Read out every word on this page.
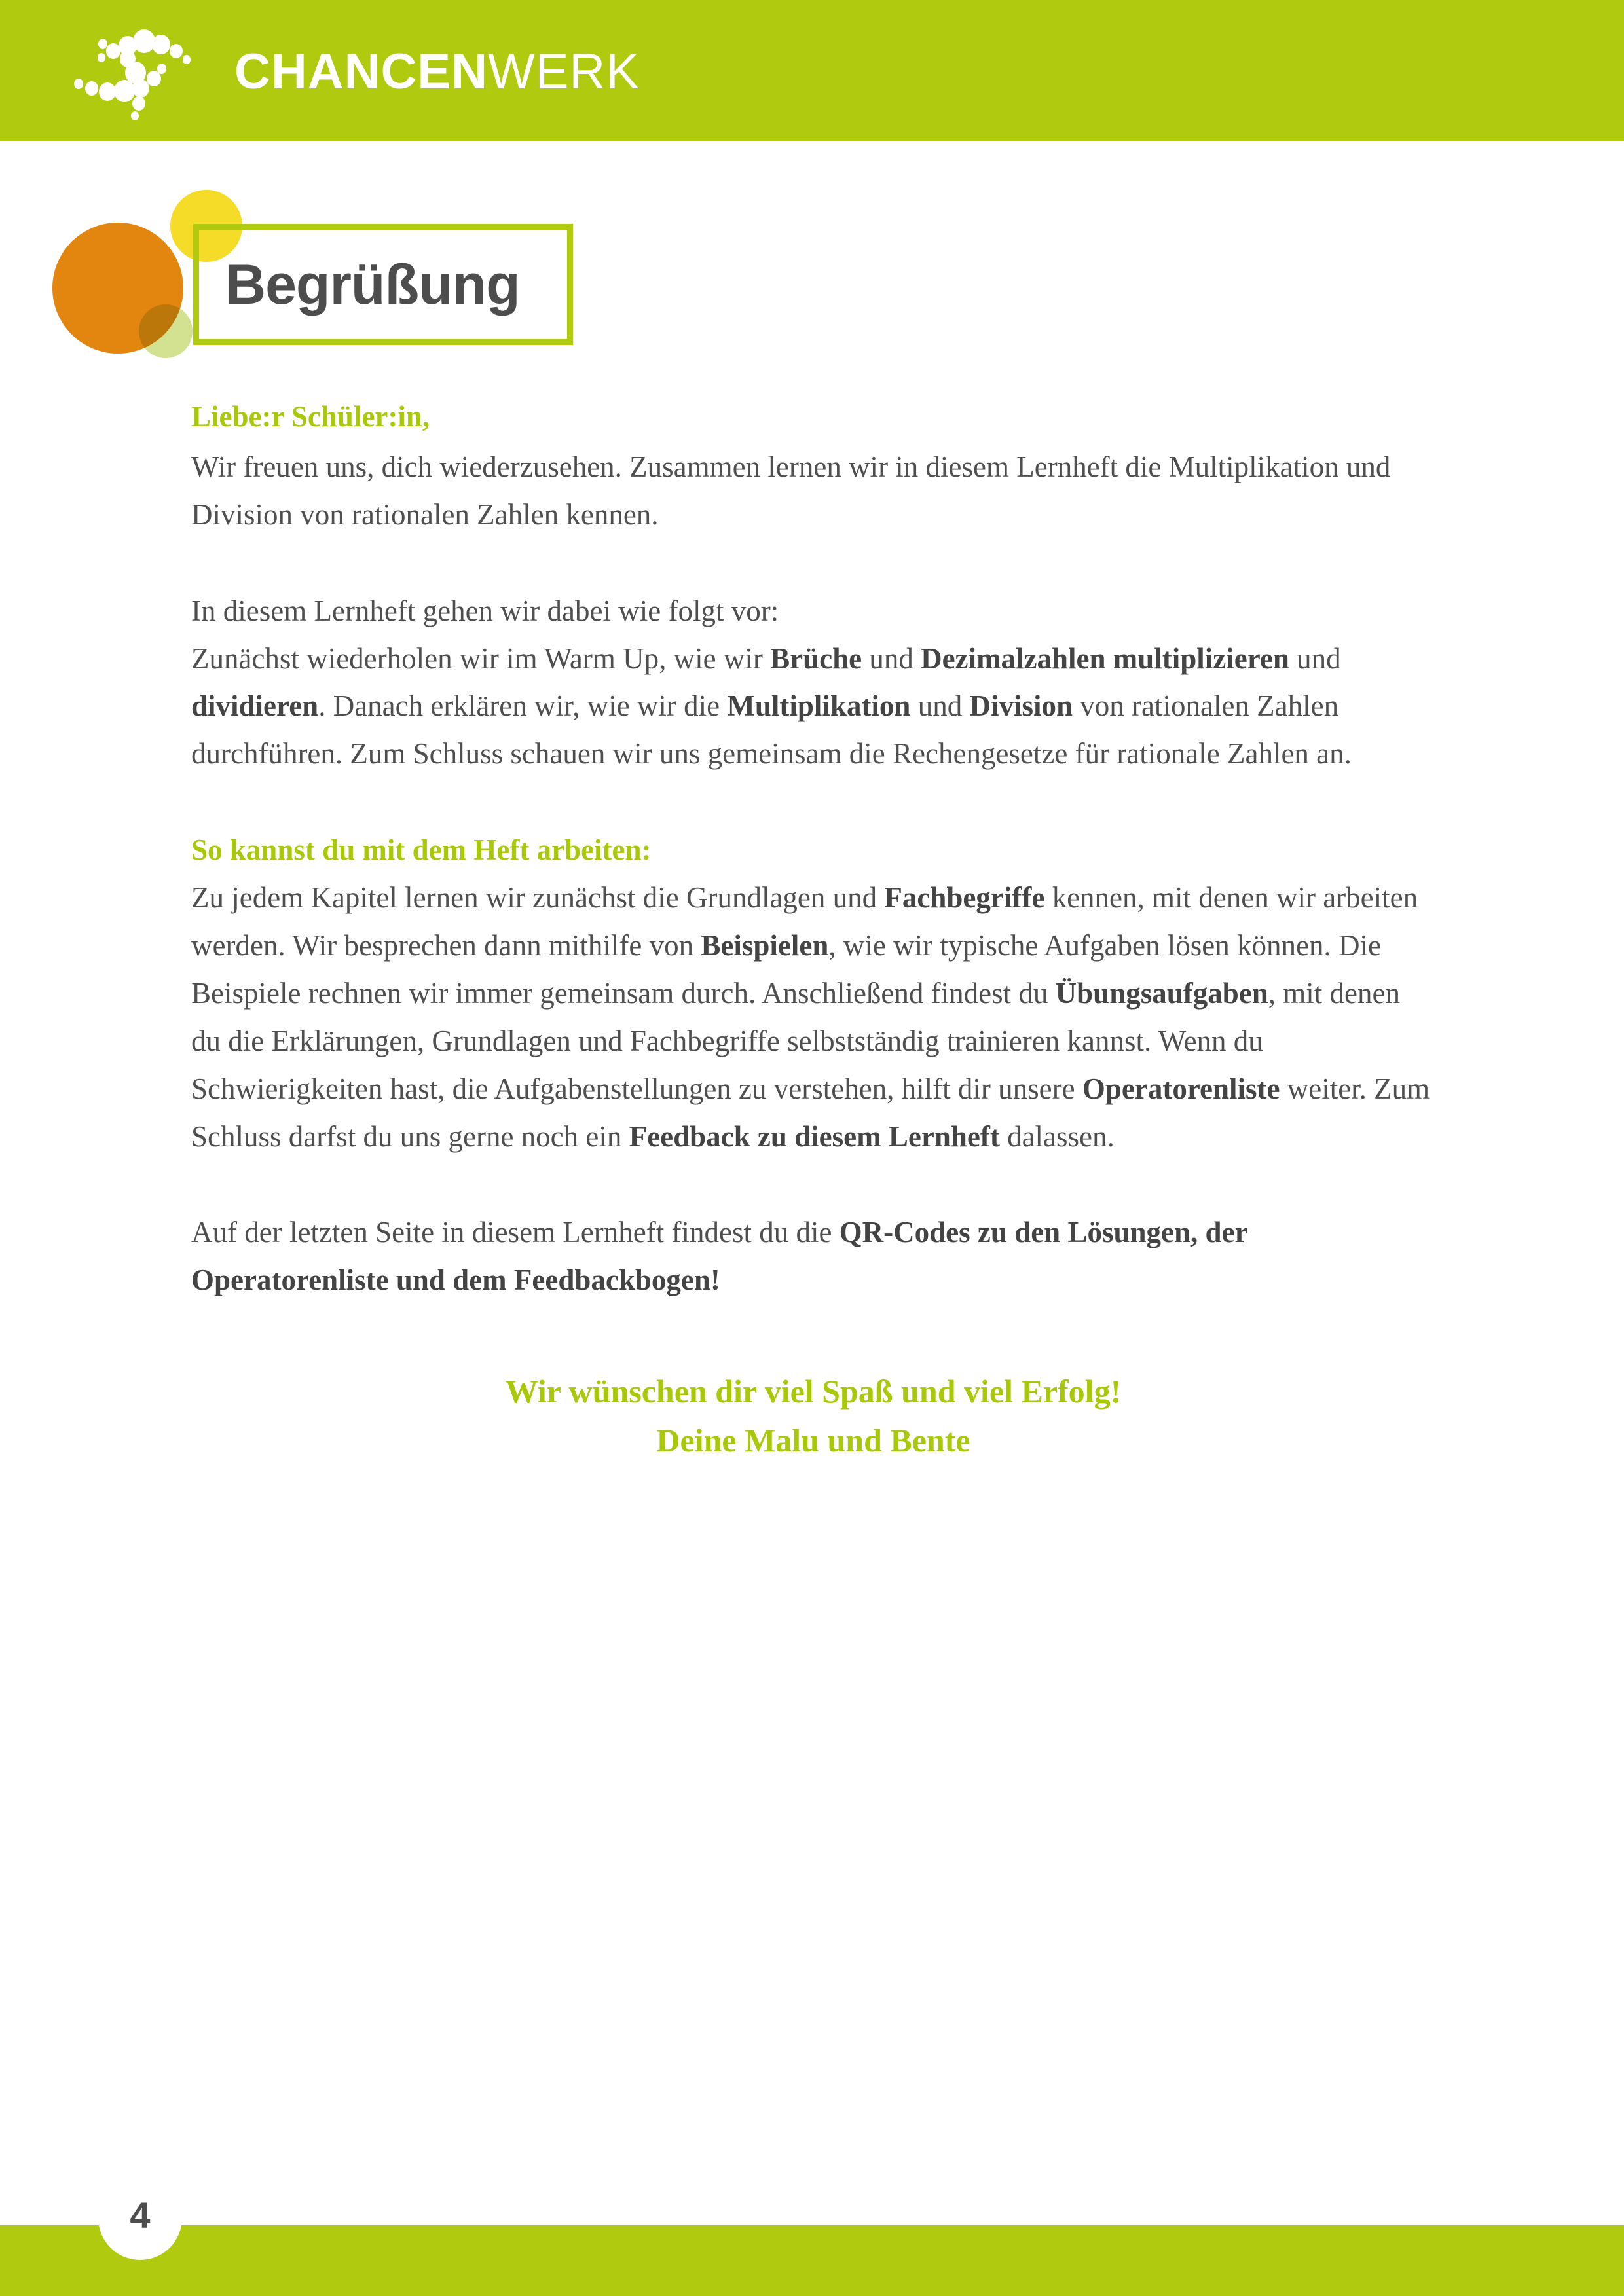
CHANCENWERK
Begrüßung

Liebe:r Schüler:in,

Wir freuen uns, dich wiederzusehen. Zusammen lernen wir in diesem Lernheft die Multiplikation und Division von rationalen Zahlen kennen.

In diesem Lernheft gehen wir dabei wie folgt vor:

Zunächst wiederholen wir im Warm Up, wie wir Brüche und Dezimalzahlen multiplizieren und dividieren. Danach erklären wir, wie wir die Multiplikation und Division von rationalen Zahlen durchführen. Zum Schluss schauen wir uns gemeinsam die Rechengesetze für rationale Zahlen an.

So kannst du mit dem Heft arbeiten:

Zu jedem Kapitel lernen wir zunächst die Grundlagen und Fachbegriffe kennen, mit denen wir arbeiten werden. Wir besprechen dann mithilfe von Beispielen, wie wir typische Aufgaben lösen können. Die Beispiele rechnen wir immer gemeinsam durch. Anschließend findest du Übungsaufgaben, mit denen du die Erklärungen, Grundlagen und Fachbegriffe selbstständig trainieren kannst. Wenn du Schwierigkeiten hast, die Aufgabenstellungen zu verstehen, hilft dir unsere Operatorenliste weiter. Zum Schluss darfst du uns gerne noch ein Feedback zu diesem Lernheft dalassen.

Auf der letzten Seite in diesem Lernheft findest du die QR-Codes zu den Lösungen, der Operatorenliste und dem Feedbackbogen!

Wir wünschen dir viel Spaß und viel Erfolg!
Deine Malu und Bente
4
